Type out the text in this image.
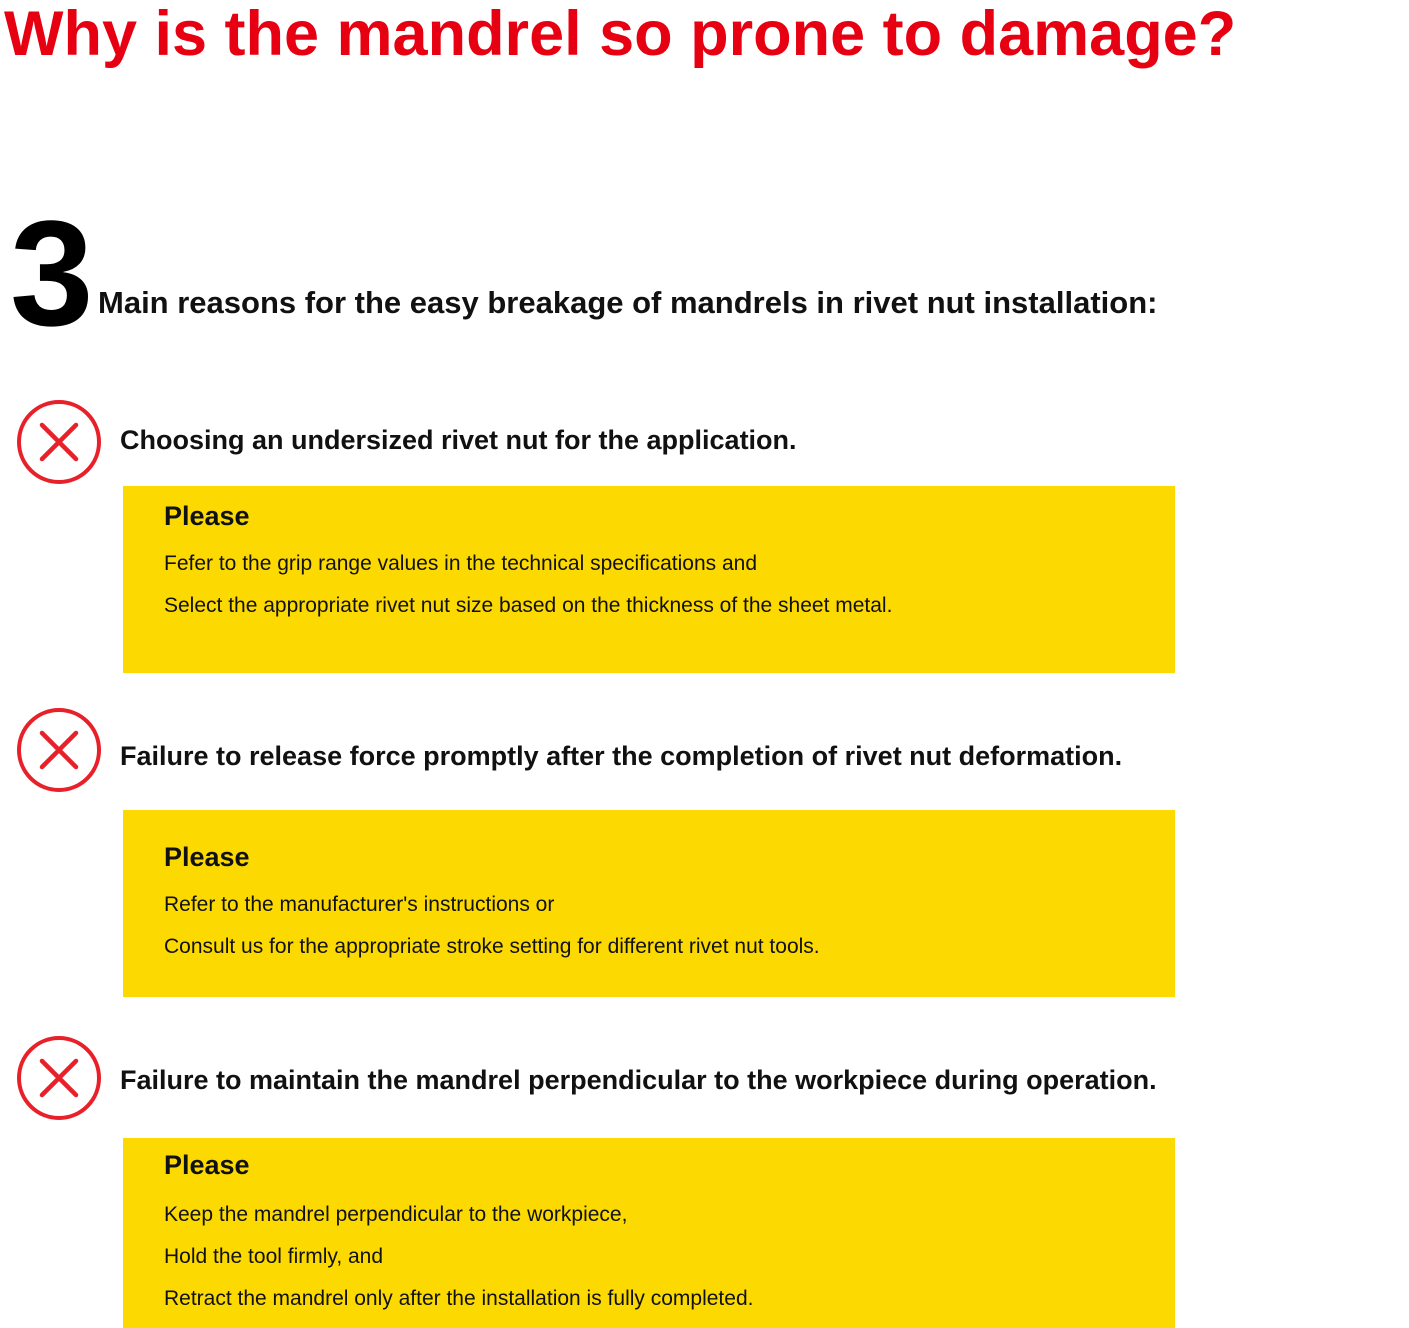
Why is the mandrel so prone to damage?
3 Main reasons for the easy breakage of mandrels in rivet nut installation:
Choosing an undersized rivet nut for the application.
Please
Fefer to the grip range values in the technical specifications and
Select the appropriate rivet nut size based on the thickness of the sheet metal.
Failure to release force promptly after the completion of rivet nut deformation.
Please
Refer to the manufacturer's instructions or
Consult us for the appropriate stroke setting for different rivet nut tools.
Failure to maintain the mandrel perpendicular to the workpiece during operation.
Please
Keep the mandrel perpendicular to the workpiece,
Hold the tool firmly, and
Retract the mandrel only after the installation is fully completed.
